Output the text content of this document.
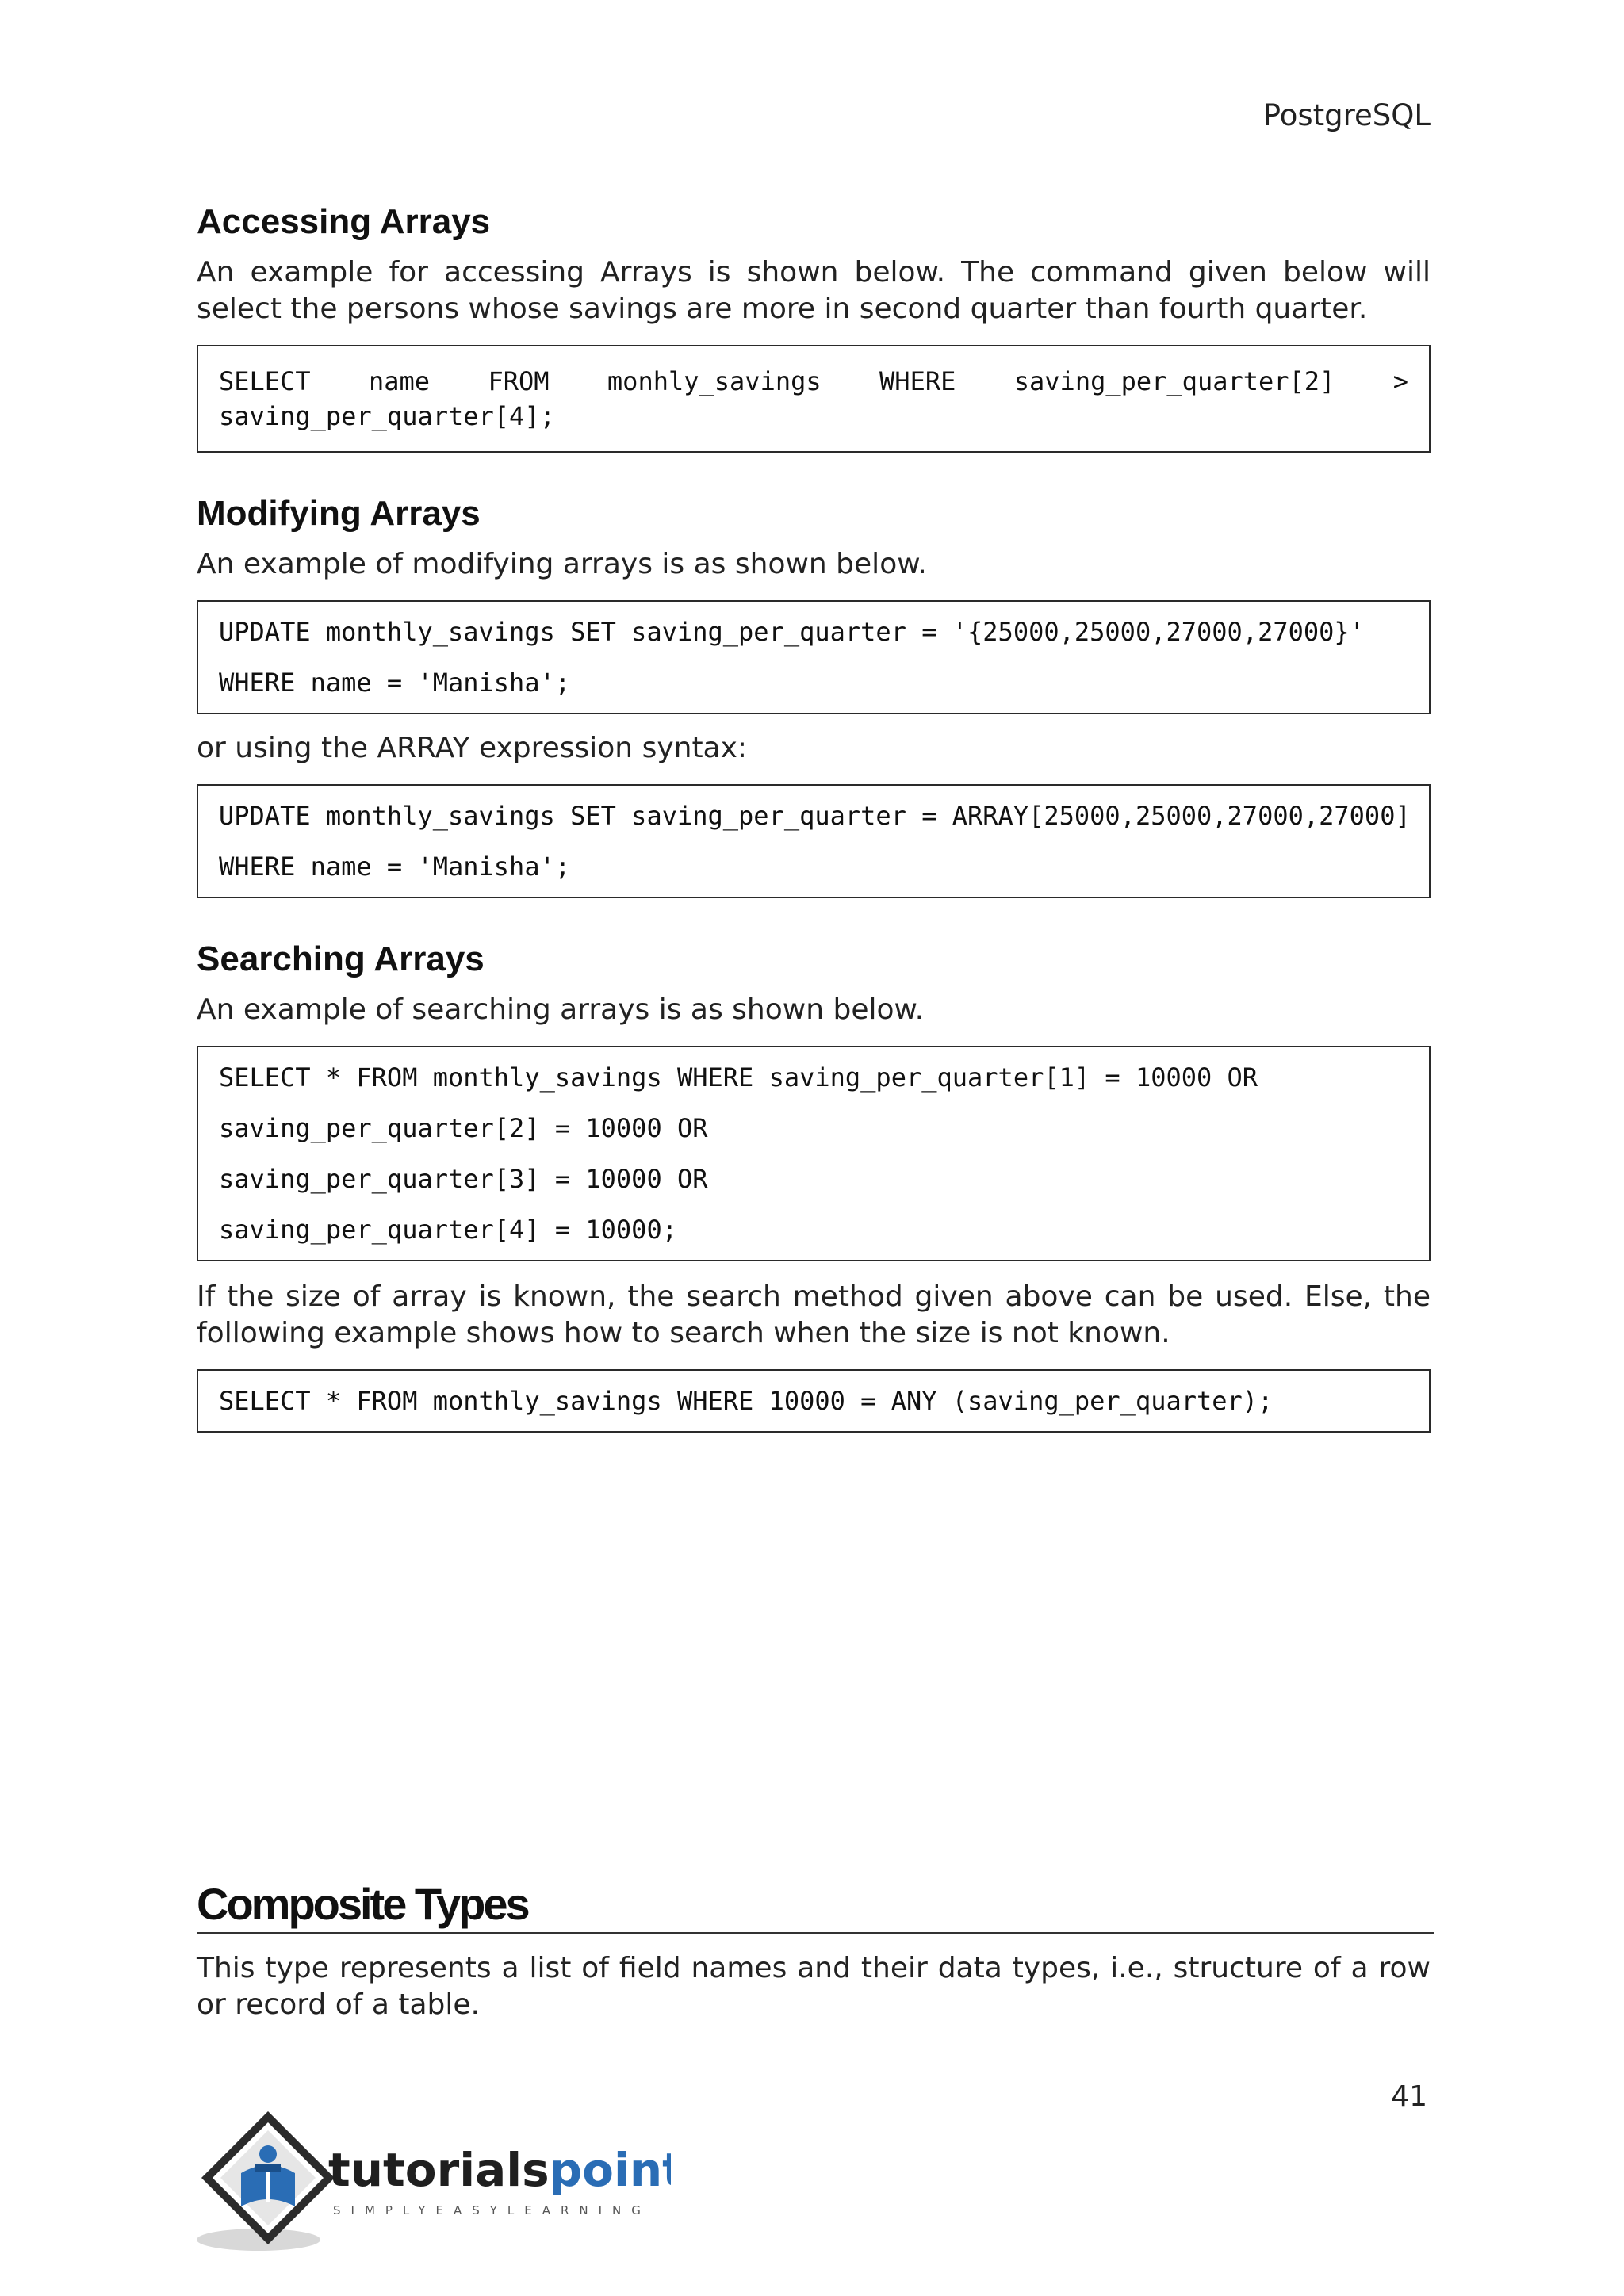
PostgreSQL
Accessing Arrays

An example for accessing Arrays is shown below. The command given below will select the persons whose savings are more in second quarter than fourth quarter.

SELECT name FROM monhly_savings WHERE saving_per_quarter[2] >
saving_per_quarter[4];
Modifying Arrays

An example of modifying arrays is as shown below.

UPDATE monthly_savings SET saving_per_quarter = '{25000,25000,27000,27000}'
WHERE name = 'Manisha';

or using the ARRAY expression syntax:

UPDATE monthly_savings SET saving_per_quarter = ARRAY[25000,25000,27000,27000]
WHERE name = 'Manisha';
Searching Arrays

An example of searching arrays is as shown below.

SELECT * FROM monthly_savings WHERE saving_per_quarter[1] = 10000 OR
saving_per_quarter[2] = 10000 OR
saving_per_quarter[3] = 10000 OR
saving_per_quarter[4] = 10000;

If the size of array is known, the search method given above can be used. Else, the following example shows how to search when the size is not known.

SELECT * FROM monthly_savings WHERE 10000 = ANY (saving_per_quarter);
Composite Types

This type represents a list of field names and their data types, i.e., structure of a row or record of a table.

41
tutorialspoint
SIMPLYEASYLEARNING
